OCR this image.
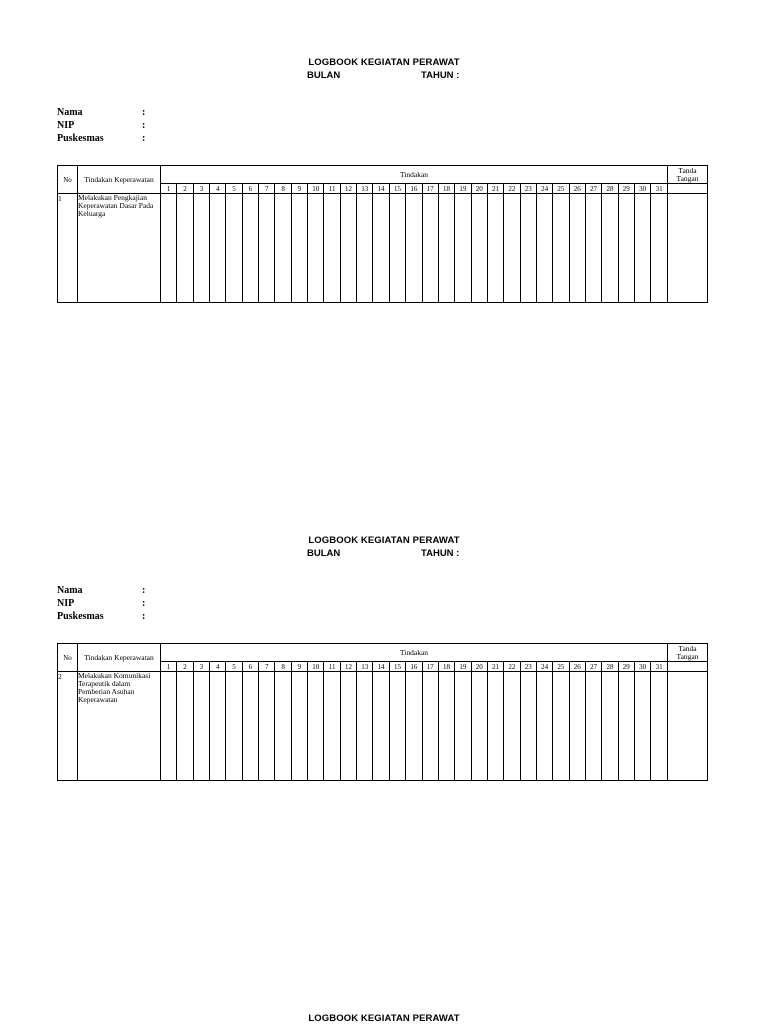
LOGBOOK KEGIATAN PERAWAT
BULAN	TAHUN :
Nama	:
NIP	:
Puskesmas	:
No	Tindakan Keperawatan	Tindakan																															Tanda Tangan
		1	2	3	4	5	6	7	8	9	10	11	12	13	14	15	16	17	18	19	20	21	22	23	24	25	26	27	28	29	30	31	
1	Melakukan Pengkajian Keperawatan Dasar Pada Keluarga																																
LOGBOOK KEGIATAN PERAWAT
BULAN	TAHUN :
Nama	:
NIP	:
Puskesmas	:
No	Tindakan Keperawatan	Tindakan																															Tanda Tangan
		1	2	3	4	5	6	7	8	9	10	11	12	13	14	15	16	17	18	19	20	21	22	23	24	25	26	27	28	29	30	31	
2	Melakukan Komunikasi Terapeutik dalam Pemberian Asuhan Keperawatan																																
LOGBOOK KEGIATAN PERAWAT
